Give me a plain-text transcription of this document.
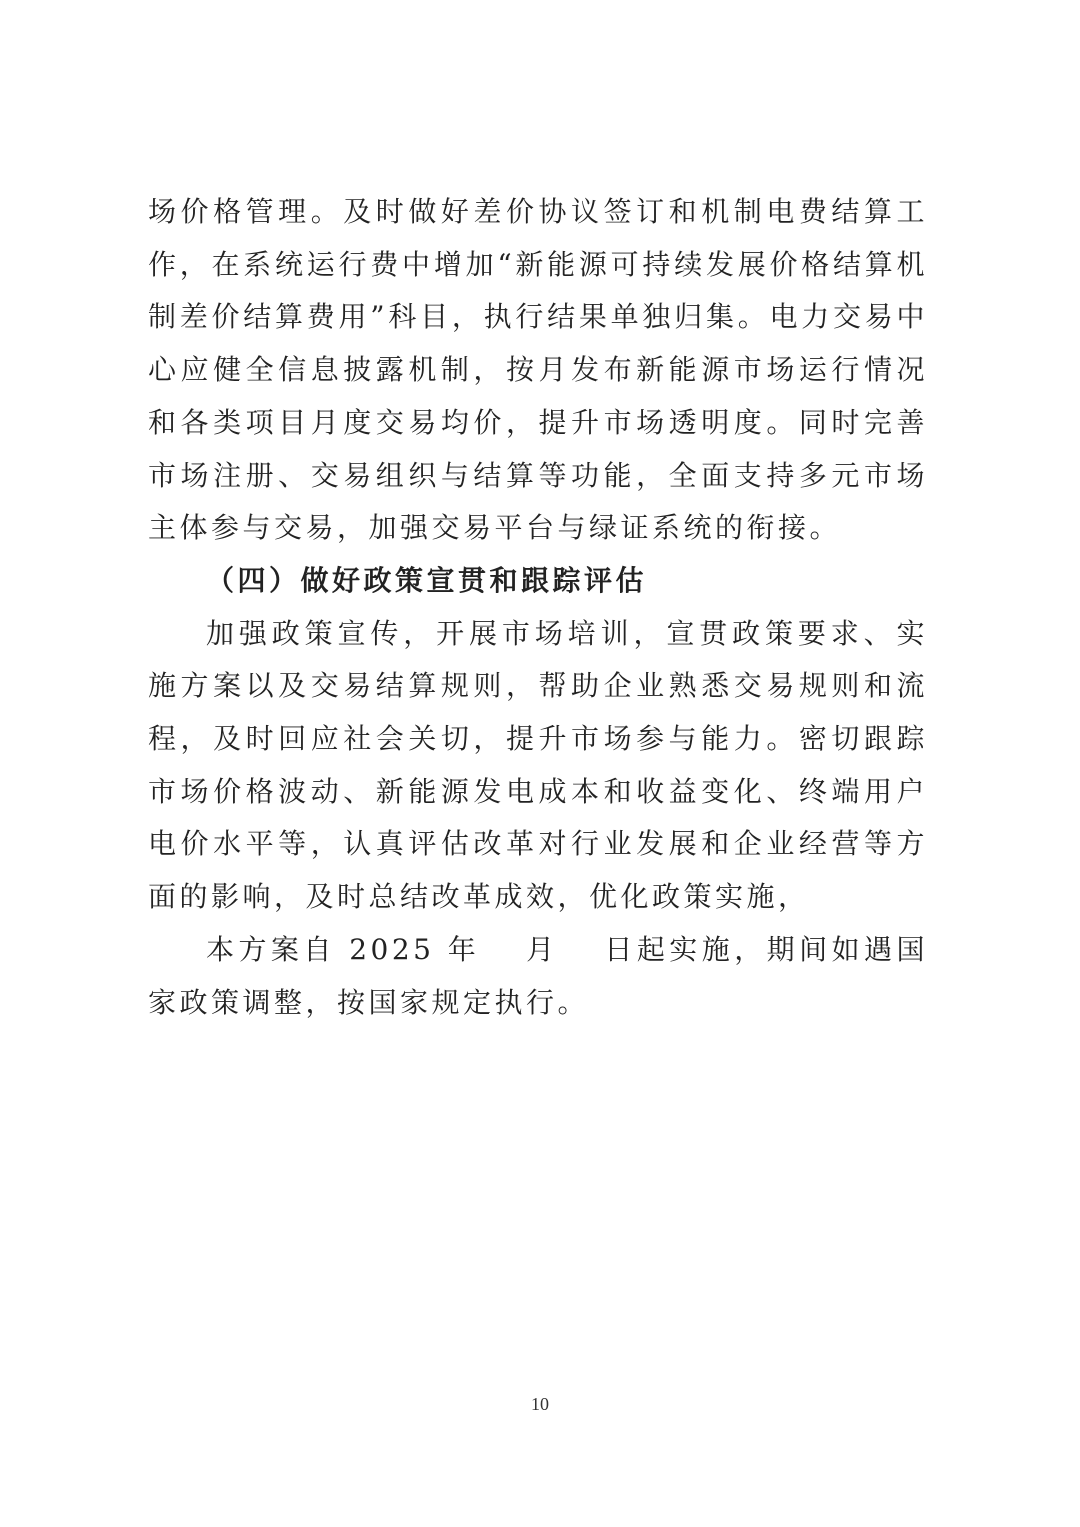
场价格管理。及时做好差价协议签订和机制电费结算工作，在系统运行费中增加“新能源可持续发展价格结算机制差价结算费用”科目，执行结果单独归集。电力交易中心应健全信息披露机制，按月发布新能源市场运行情况和各类项目月度交易均价，提升市场透明度。同时完善市场注册、交易组织与结算等功能，全面支持多元市场主体参与交易，加强交易平台与绿证系统的衔接。

（四）做好政策宣贯和跟踪评估

加强政策宣传，开展市场培训，宣贯政策要求、实施方案以及交易结算规则，帮助企业熟悉交易规则和流程，及时回应社会关切，提升市场参与能力。密切跟踪市场价格波动、新能源发电成本和收益变化、终端用户电价水平等，认真评估改革对行业发展和企业经营等方面的影响，及时总结改革成效，优化政策实施，

本方案自 2025 年　 月　 日起实施，期间如遇国家政策调整，按国家规定执行。

10
